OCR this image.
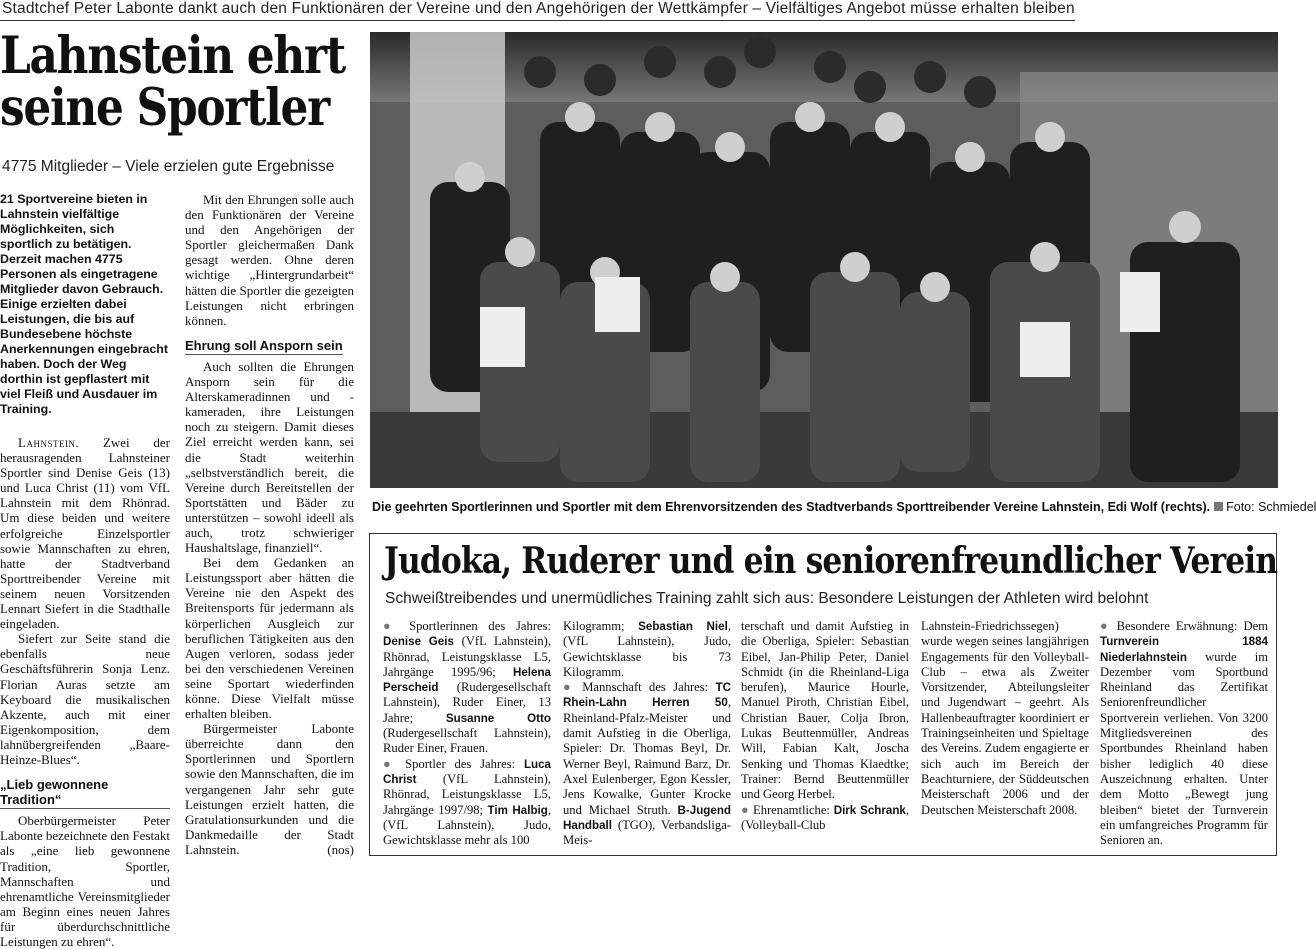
Stadtchef Peter Labonte dankt auch den Funktionären der Vereine und den Angehörigen der Wettkämpfer – Vielfältiges Angebot müsse erhalten bleiben
Lahnstein ehrt
seine Sportler
4775 Mitglieder – Viele erzielen gute Ergebnisse

21 Sportvereine bieten in Lahnstein vielfältige Möglichkeiten, sich sportlich zu betätigen. Derzeit machen 4775 Personen als eingetragene Mitglieder davon Gebrauch. Einige erzielten dabei Leistungen, die bis auf Bundesebene höchste Anerkennungen eingebracht haben. Doch der Weg dorthin ist gepflastert mit viel Fleiß und Ausdauer im Training.

Lahnstein. Zwei der herausragenden Lahnsteiner Sportler sind Denise Geis (13) und Luca Christ (11) vom VfL Lahnstein mit dem Rhönrad. Um diese beiden und weitere erfolgreiche Einzelsportler sowie Mannschaften zu ehren, hatte der Stadtverband Sporttreibender Vereine mit seinem neuen Vorsitzenden Lennart Siefert in die Stadthalle eingeladen.

Siefert zur Seite stand die ebenfalls neue Geschäftsführerin Sonja Lenz. Florian Auras setzte am Keyboard die musikalischen Akzente, auch mit einer Eigenkomposition, dem lahnübergreifenden „Baare-Heinze-Blues“.

„Lieb gewonnene Tradition“

Oberbürgermeister Peter Labonte bezeichnete den Festakt als „eine lieb gewonnene Tradition, Sportler, Mannschaften und ehrenamtliche Vereinsmitglieder am Beginn eines neuen Jahres für überdurchschnittliche Leistungen zu ehren“.

Mit den Ehrungen solle auch den Funktionären der Vereine und den Angehörigen der Sportler gleichermaßen Dank gesagt werden. Ohne deren wichtige „Hintergrundarbeit“ hätten die Sportler die gezeigten Leistungen nicht erbringen können.

Ehrung soll Ansporn sein

Auch sollten die Ehrungen Ansporn sein für die Alterskameradinnen und -kameraden, ihre Leistungen noch zu steigern. Damit dieses Ziel erreicht werden kann, sei die Stadt weiterhin „selbstverständlich bereit, die Vereine durch Bereitstellen der Sportstätten und Bäder zu unterstützen – sowohl ideell als auch, trotz schwieriger Haushaltslage, finanziell“.

Bei dem Gedanken an Leistungssport aber hätten die Vereine nie den Aspekt des Breitensports für jedermann als körperlichen Ausgleich zur beruflichen Tätigkeiten aus den Augen verloren, sodass jeder bei den verschiedenen Vereinen seine Sportart wiederfinden könne. Diese Vielfalt müsse erhalten bleiben.

Bürgermeister Labonte überreichte dann den Sportlerinnen und Sportlern sowie den Mannschaften, die im vergangenen Jahr sehr gute Leistungen erzielt hatten, die Gratulationsurkunden und die Dankmedaille der Stadt Lahnstein.	(nos)

Die geehrten Sportlerinnen und Sportler mit dem Ehrenvorsitzenden des Stadtverbands Sporttreibender Vereine Lahnstein, Edi Wolf (rechts). Foto: Schmiedel
Judoka, Ruderer und ein seniorenfreundlicher Verein
Schweißtreibendes und unermüdliches Training zahlt sich aus: Besondere Leistungen der Athleten wird belohnt
● Sportlerinnen des Jahres: Denise Geis (VfL Lahnstein), Rhönrad, Leistungsklasse L5, Jahrgänge 1995/96; Helena Perscheid (Rudergesellschaft Lahnstein), Ruder Einer, 13 Jahre; Susanne Otto (Rudergesellschaft Lahnstein), Ruder Einer, Frauen.
● Sportler des Jahres: Luca Christ (VfL Lahnstein), Rhönrad, Leistungsklasse L5, Jahrgänge 1997/98; Tim Halbig, (VfL Lahnstein), Judo, Gewichtsklasse mehr als 100
Kilogramm; Sebastian Niel, (VfL Lahnstein), Judo, Gewichtsklasse bis 73 Kilogramm.
● Mannschaft des Jahres: TC Rhein-Lahn Herren 50, Rheinland-Pfalz-Meister und damit Aufstieg in die Oberliga, Spieler: Dr. Thomas Beyl, Dr. Werner Beyl, Raimund Barz, Dr. Axel Eulenberger, Egon Kessler, Jens Kowalke, Gunter Krocke und Michael Struth. B-Jugend Handball (TGO), Verbandsliga-Meis-
terschaft und damit Aufstieg in die Oberliga, Spieler: Sebastian Eibel, Jan-Philip Peter, Daniel Schmidt (in die Rheinland-Liga berufen), Maurice Hourle, Manuel Piroth, Christian Eibel, Christian Bauer, Colja Ibron, Lukas Beuttenmüller, Andreas Will, Fabian Kalt, Joscha Senking und Thomas Klaedtke; Trainer: Bernd Beuttenmüller und Georg Herbel.
● Ehrenamtliche: Dirk Schrank, (Volleyball-Club
Lahnstein-Friedrichssegen) wurde wegen seines langjährigen Engagements für den Volleyball-Club – etwa als Zweiter Vorsitzender, Abteilungsleiter und Jugendwart – geehrt. Als Hallenbeauftragter koordiniert er Trainingseinheiten und Spieltage des Vereins. Zudem engagierte er sich auch im Bereich der Beachturniere, der Süddeutschen Meisterschaft 2006 und der Deutschen Meisterschaft 2008.
● Besondere Erwähnung: Dem Turnverein 1884 Niederlahnstein wurde im Dezember vom Sportbund Rheinland das Zertifikat Seniorenfreundlicher Sportverein verliehen. Von 3200 Mitgliedsvereinen des Sportbundes Rheinland haben bisher lediglich 40 diese Auszeichnung erhalten. Unter dem Motto „Bewegt jung bleiben“ bietet der Turnverein ein umfangreiches Programm für Senioren an.
